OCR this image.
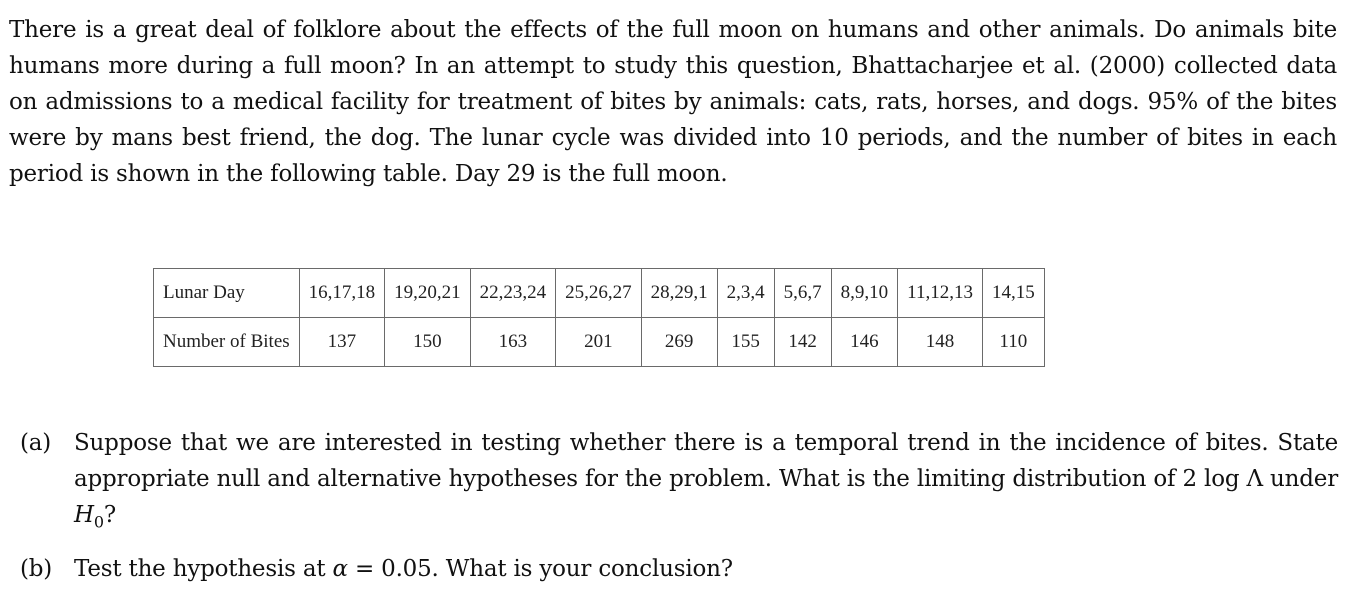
There is a great deal of folklore about the effects of the full moon on humans and other animals. Do animals bite humans more during a full moon? In an attempt to study this question, Bhattacharjee et al. (2000) collected data on admissions to a medical facility for treatment of bites by animals: cats, rats, horses, and dogs. 95% of the bites were by mans best friend, the dog. The lunar cycle was divided into 10 periods, and the number of bites in each period is shown in the following table. Day 29 is the full moon.

Lunar Day	16,17,18	19,20,21	22,23,24	25,26,27	28,29,1	2,3,4	5,6,7	8,9,10	11,12,13	14,15
Number of Bites	137	150	163	201	269	155	142	146	148	110
(a) Suppose that we are interested in testing whether there is a temporal trend in the incidence of bites. State appropriate null and alternative hypotheses for the problem. What is the limiting distribution of 2 log Λ under $H_0$?
(b) Test the hypothesis at α = 0.05. What is your conclusion?
